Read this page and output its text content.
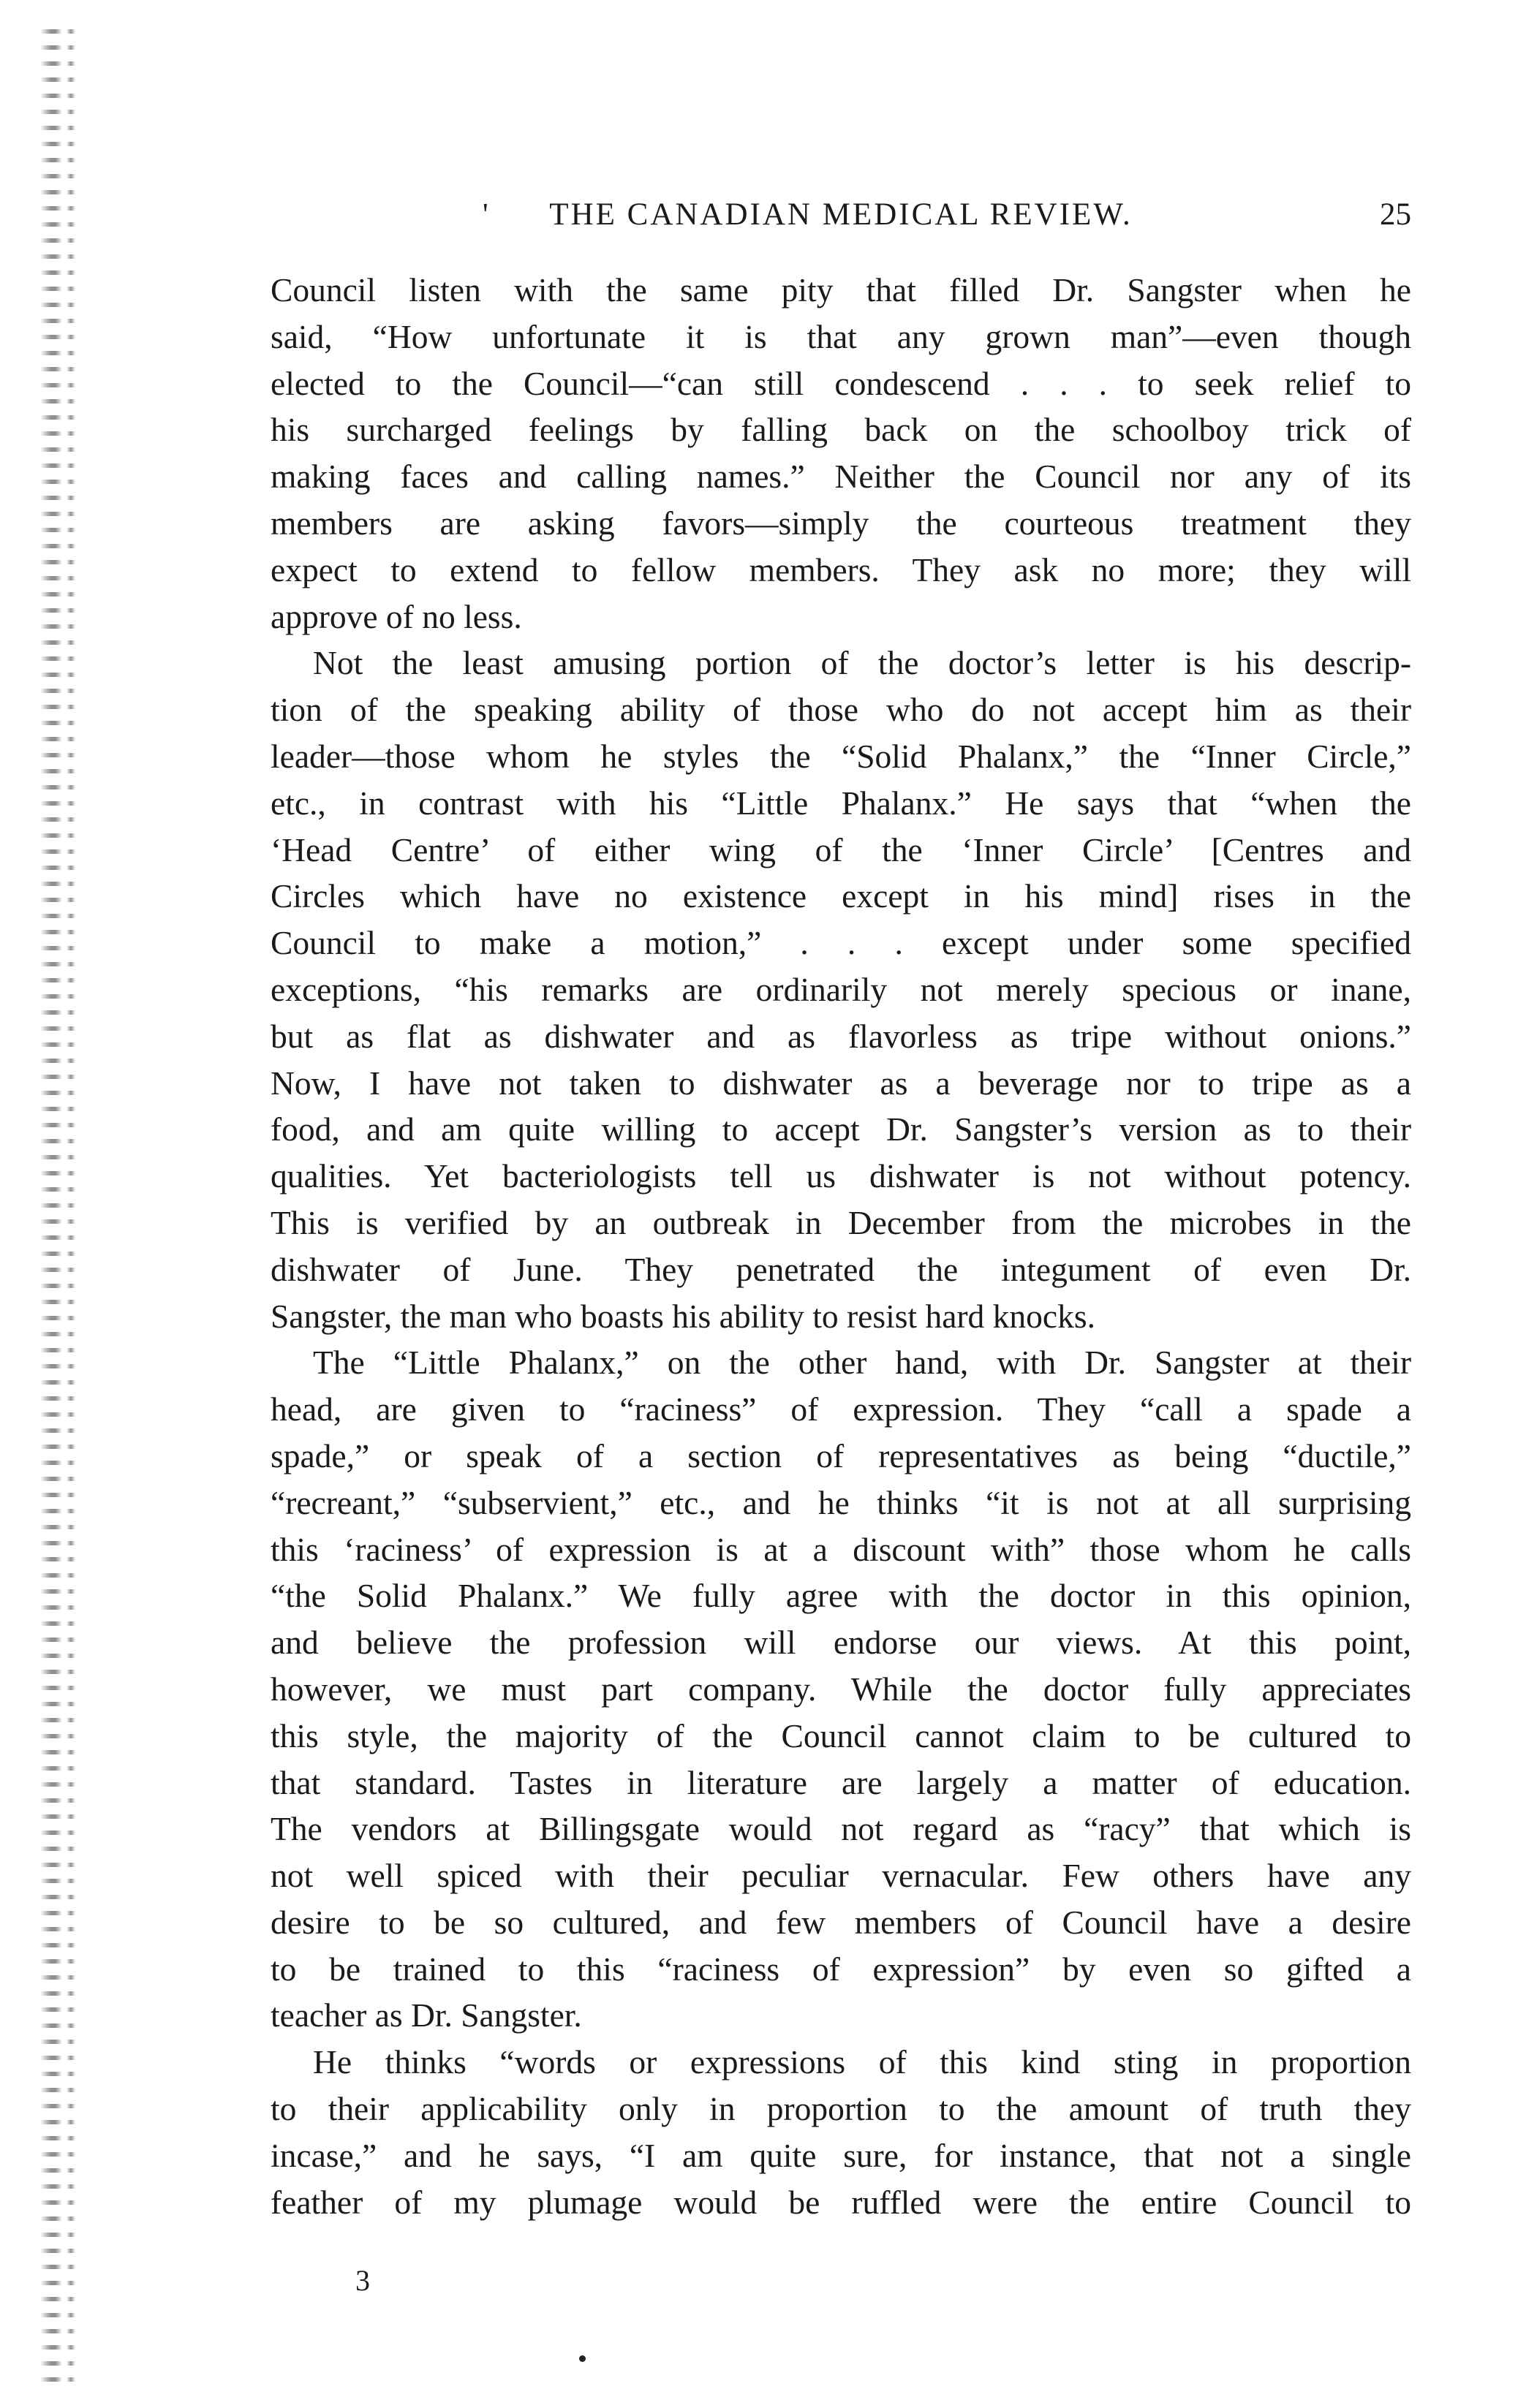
'	THE CANADIAN MEDICAL REVIEW.	25
Council listen with the same pity that filled Dr. Sangster when he
said, “How unfortunate it is that any grown man”—even though
elected to the Council—“can still condescend . . . to seek relief to
his surcharged feelings by falling back on the schoolboy trick of
making faces and calling names.” Neither the Council nor any of its
members are asking favors—simply the courteous treatment they
expect to extend to fellow members. They ask no more; they will
approve of no less.
Not the least amusing portion of the doctor’s letter is his descrip-
tion of the speaking ability of those who do not accept him as their
leader—those whom he styles the “Solid Phalanx,” the “Inner Circle,”
etc., in contrast with his “Little Phalanx.” He says that “when the
‘Head Centre’ of either wing of the ‘Inner Circle’ [Centres and
Circles which have no existence except in his mind] rises in the
Council to make a motion,” . . . except under some specified
exceptions, “his remarks are ordinarily not merely specious or inane,
but as flat as dishwater and as flavorless as tripe without onions.”
Now, I have not taken to dishwater as a beverage nor to tripe as a
food, and am quite willing to accept Dr. Sangster’s version as to their
qualities. Yet bacteriologists tell us dishwater is not without potency.
This is verified by an outbreak in December from the microbes in the
dishwater of June. They penetrated the integument of even Dr.
Sangster, the man who boasts his ability to resist hard knocks.
The “Little Phalanx,” on the other hand, with Dr. Sangster at their
head, are given to “raciness” of expression. They “call a spade a
spade,” or speak of a section of representatives as being “ductile,”
“recreant,” “subservient,” etc., and he thinks “it is not at all surprising
this ‘raciness’ of expression is at a discount with” those whom he calls
“the Solid Phalanx.” We fully agree with the doctor in this opinion,
and believe the profession will endorse our views. At this point,
however, we must part company. While the doctor fully appreciates
this style, the majority of the Council cannot claim to be cultured to
that standard. Tastes in literature are largely a matter of education.
The vendors at Billingsgate would not regard as “racy” that which is
not well spiced with their peculiar vernacular. Few others have any
desire to be so cultured, and few members of Council have a desire
to be trained to this “raciness of expression” by even so gifted a
teacher as Dr. Sangster.
He thinks “words or expressions of this kind sting in proportion
to their applicability only in proportion to the amount of truth they
incase,” and he says, “I am quite sure, for instance, that not a single
feather of my plumage would be ruffled were the entire Council to
3
